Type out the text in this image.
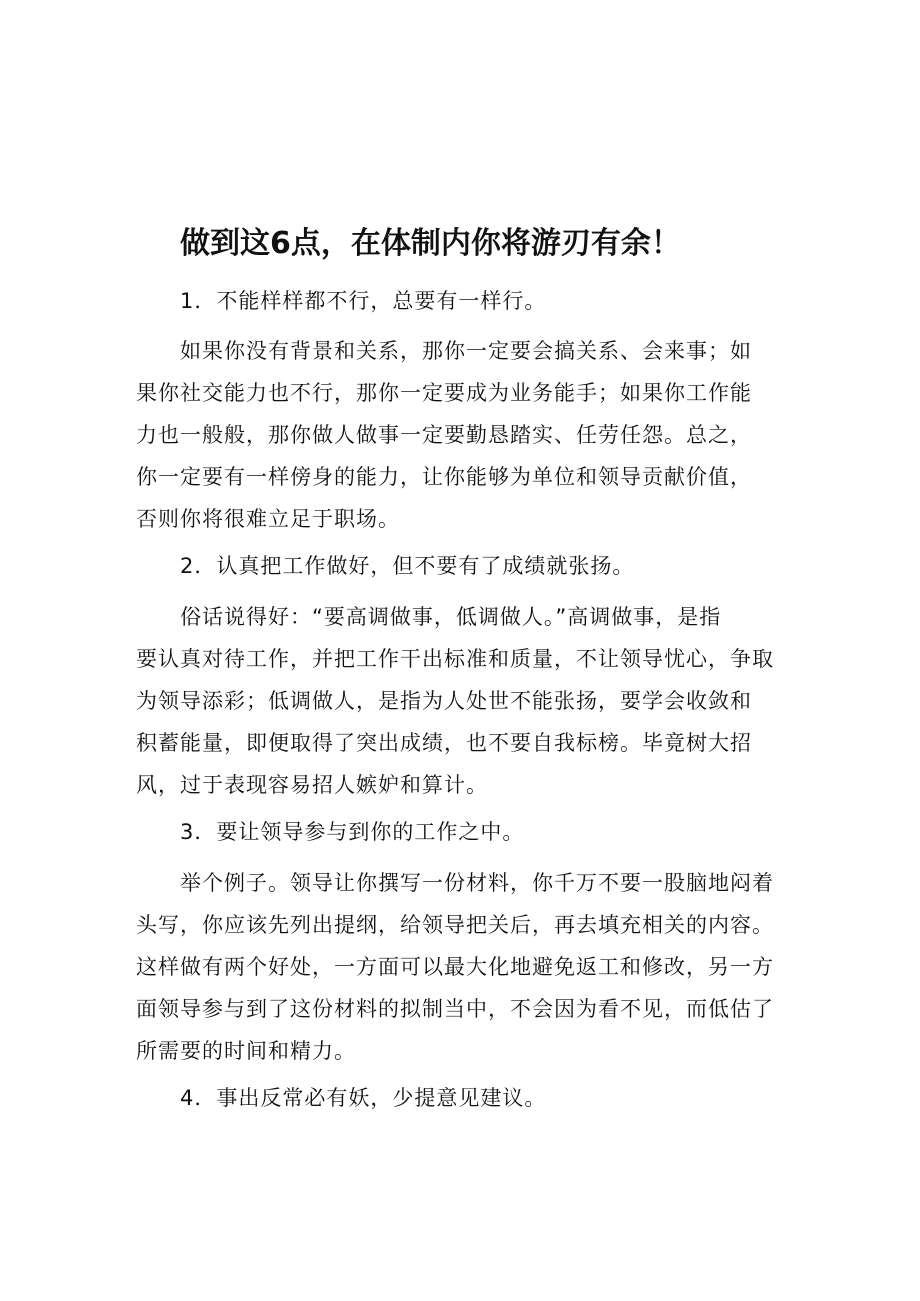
做到这6点，在体制内你将游刃有余！

1．不能样样都不行，总要有一样行。

如果你没有背景和关系，那你一定要会搞关系、会来事；如
果你社交能力也不行，那你一定要成为业务能手；如果你工作能
力也一般般，那你做人做事一定要勤恳踏实、任劳任怨。总之，
你一定要有一样傍身的能力，让你能够为单位和领导贡献价值，
否则你将很难立足于职场。

2．认真把工作做好，但不要有了成绩就张扬。

俗话说得好：“要高调做事，低调做人。”高调做事，是指
要认真对待工作，并把工作干出标准和质量，不让领导忧心，争取
为领导添彩；低调做人，是指为人处世不能张扬，要学会收敛和
积蓄能量，即便取得了突出成绩，也不要自我标榜。毕竟树大招
风，过于表现容易招人嫉妒和算计。

3．要让领导参与到你的工作之中。

举个例子。领导让你撰写一份材料，你千万不要一股脑地闷着
头写，你应该先列出提纲，给领导把关后，再去填充相关的内容。
这样做有两个好处，一方面可以最大化地避免返工和修改，另一方
面领导参与到了这份材料的拟制当中，不会因为看不见，而低估了
所需要的时间和精力。

4．事出反常必有妖，少提意见建议。
